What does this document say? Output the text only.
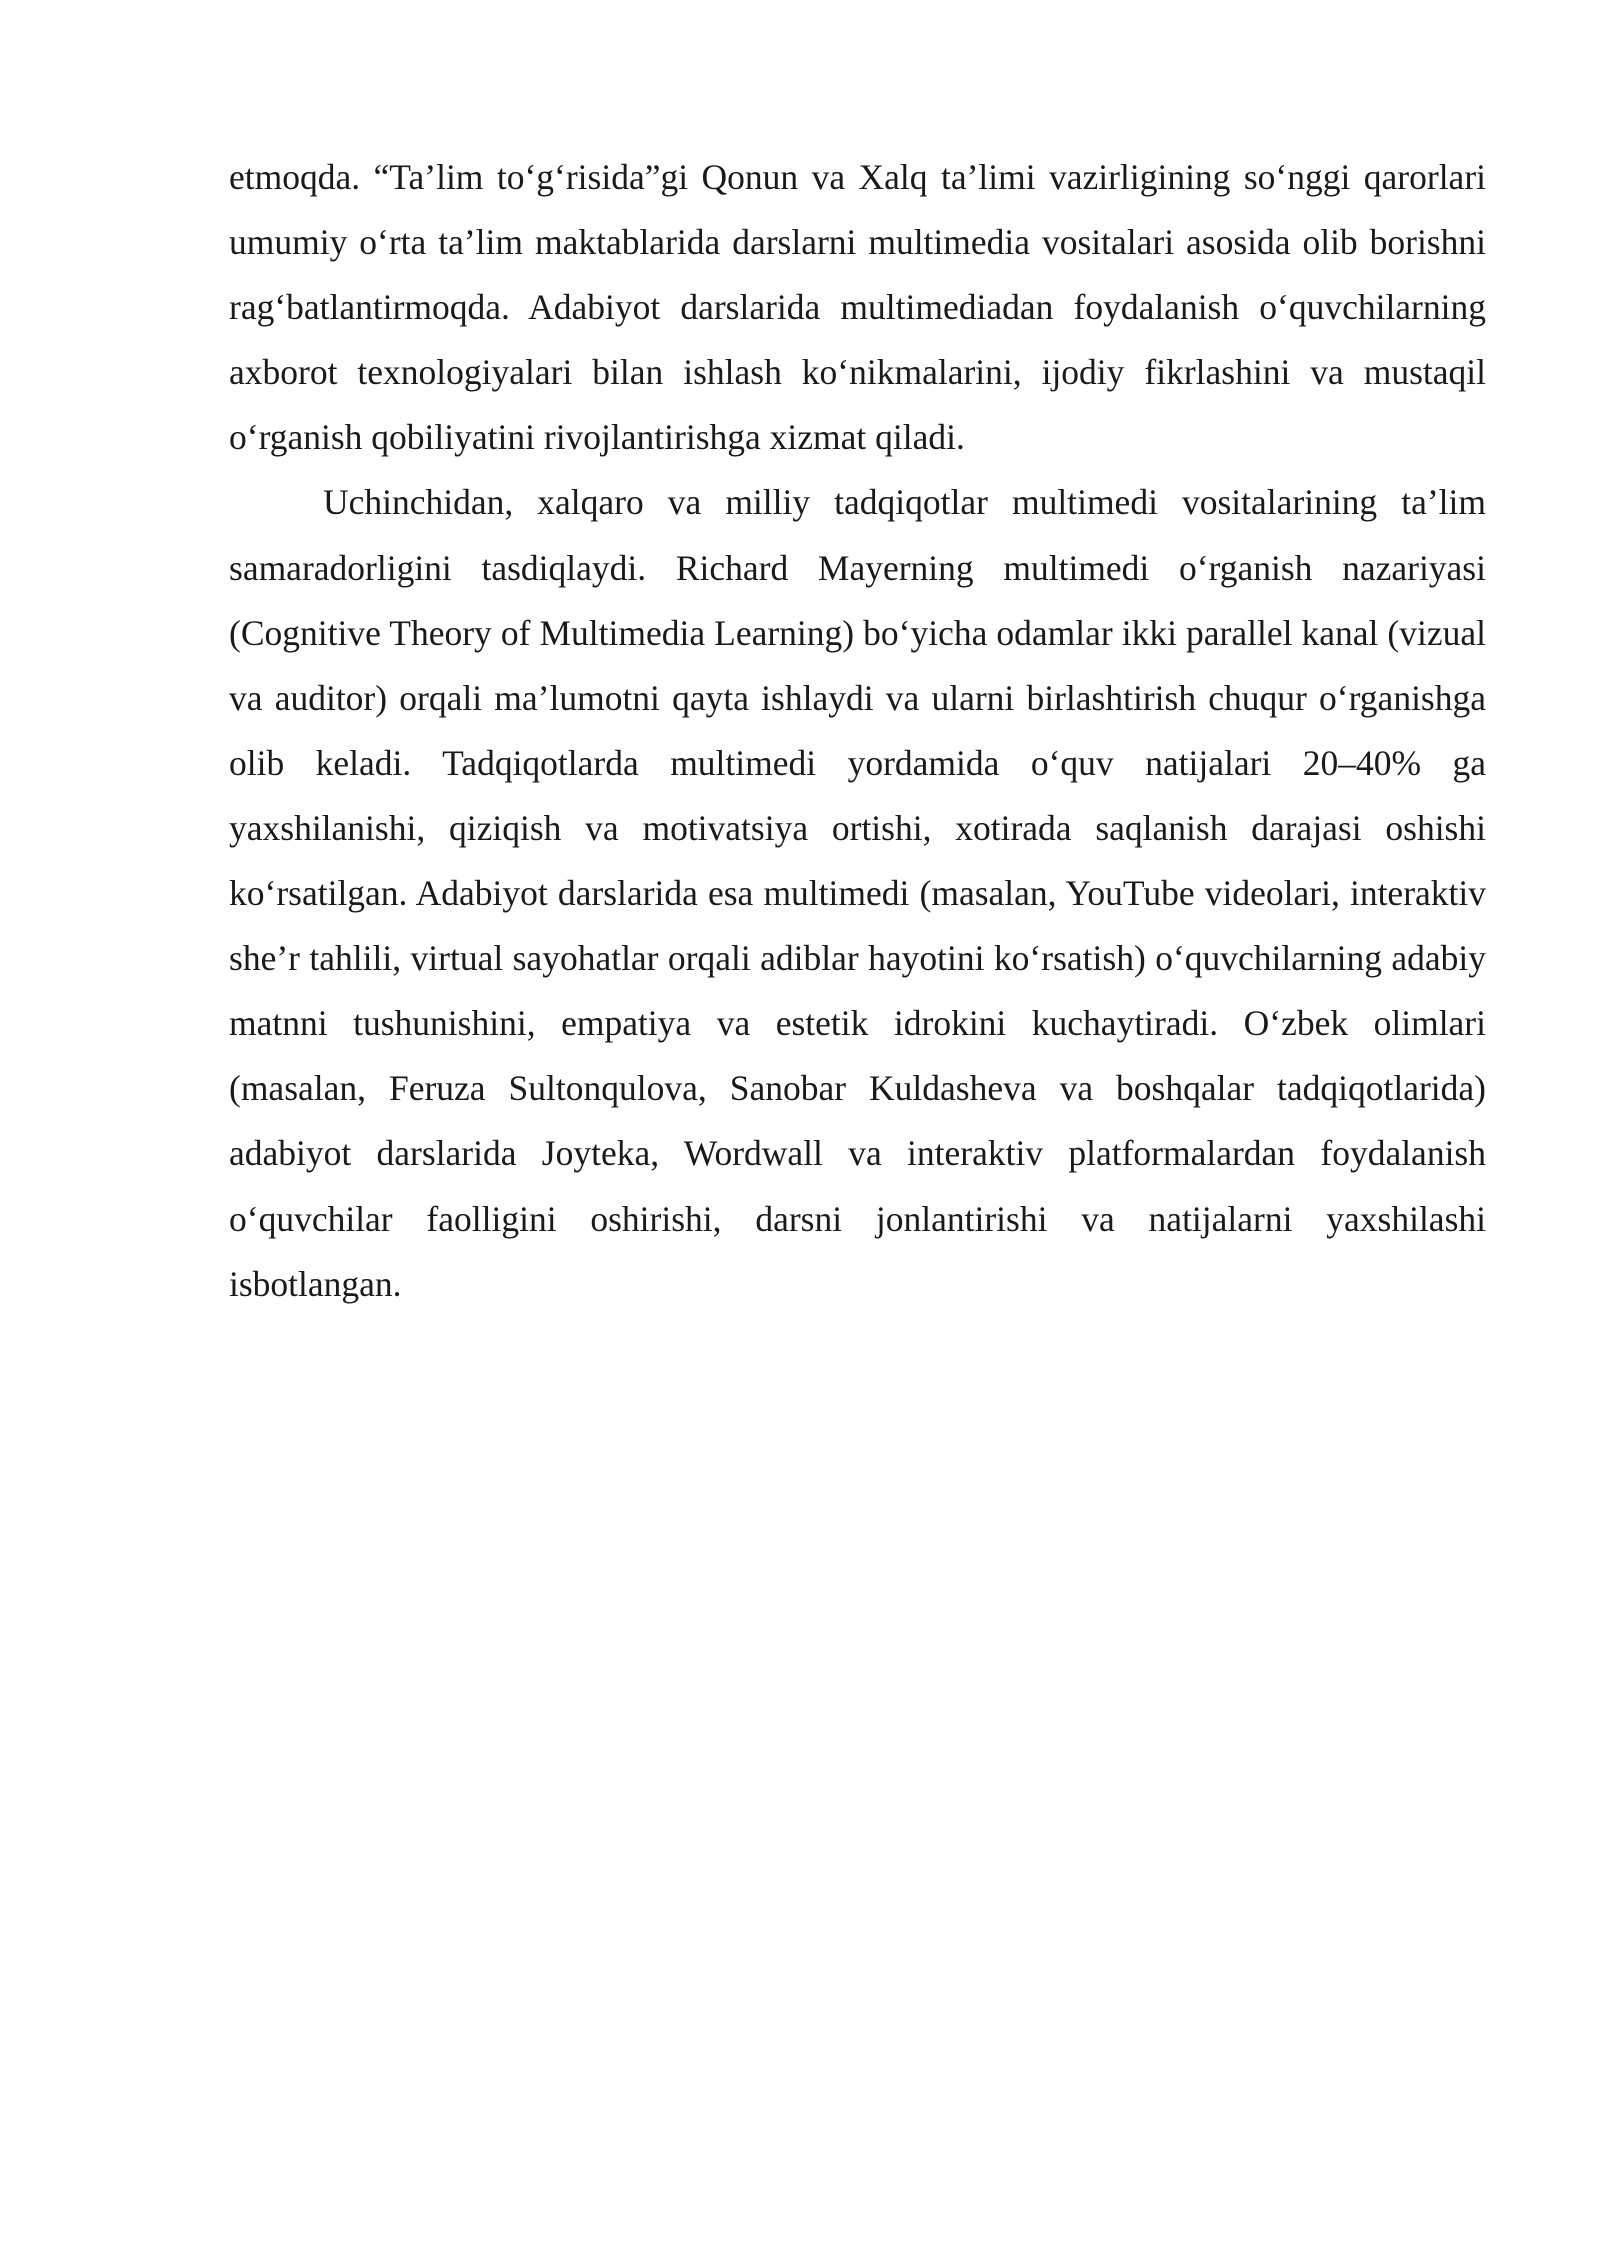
etmoqda. “Ta’lim to‘g‘risida”gi Qonun va Xalq ta’limi vazirligining so‘nggi qarorlari umumiy o‘rta ta’lim maktablarida darslarni multimedia vositalari asosida olib borishni rag‘batlantirmoqda. Adabiyot darslarida multimediadan foydalanish o‘quvchilarning axborot texnologiyalari bilan ishlash ko‘nikmalarini, ijodiy fikrlashini va mustaqil o‘rganish qobiliyatini rivojlantirishga xizmat qiladi.

Uchinchidan, xalqaro va milliy tadqiqotlar multimedi vositalarining ta’lim samaradorligini tasdiqlaydi. Richard Mayerning multimedi o‘rganish nazariyasi (Cognitive Theory of Multimedia Learning) bo‘yicha odamlar ikki parallel kanal (vizual va auditor) orqali ma’lumotni qayta ishlaydi va ularni birlashtirish chuqur o‘rganishga olib keladi. Tadqiqotlarda multimedi yordamida o‘quv natijalari 20–40% ga yaxshilanishi, qiziqish va motivatsiya ortishi, xotirada saqlanish darajasi oshishi ko‘rsatilgan. Adabiyot darslarida esa multimedi (masalan, YouTube videolari, interaktiv she’r tahlili, virtual sayohatlar orqali adiblar hayotini ko‘rsatish) o‘quvchilarning adabiy matnni tushunishini, empatiya va estetik idrokini kuchaytiradi. O‘zbek olimlari (masalan, Feruza Sultonqulova, Sanobar Kuldasheva va boshqalar tadqiqotlarida) adabiyot darslarida Joyteka, Wordwall va interaktiv platformalardan foydalanish o‘quvchilar faolligini oshirishi, darsni jonlantirishi va natijalarni yaxshilashi isbotlangan.
